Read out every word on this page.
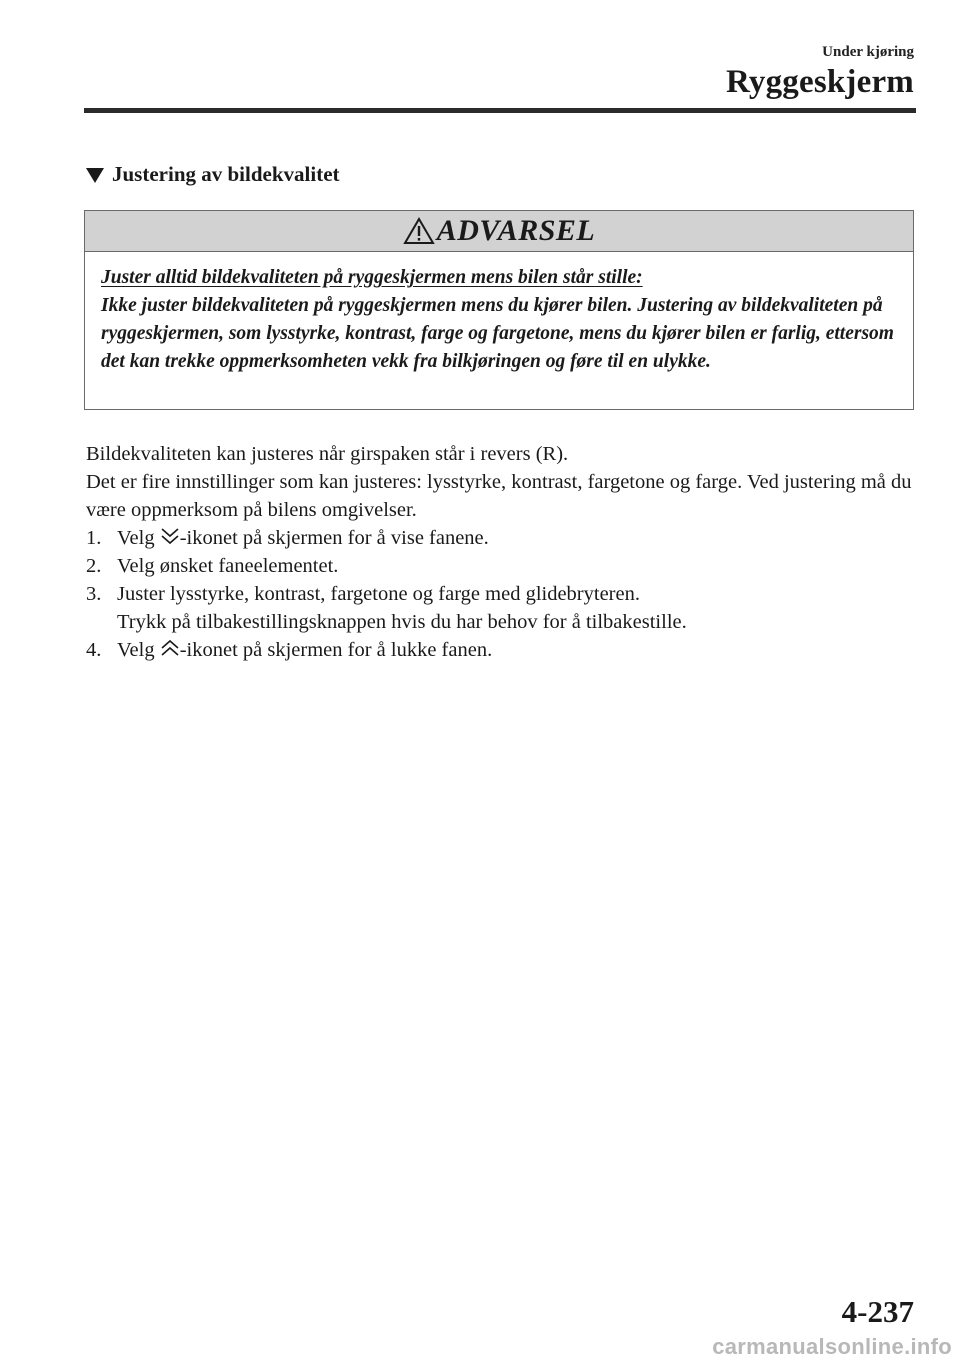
Under kjøring
Ryggeskjerm
Justering av bildekvalitet
ADVARSEL
Juster alltid bildekvaliteten på ryggeskjermen mens bilen står stille:
Ikke juster bildekvaliteten på ryggeskjermen mens du kjører bilen. Justering av bildekvaliteten på ryggeskjermen, som lysstyrke, kontrast, farge og fargetone, mens du kjører bilen er farlig, ettersom det kan trekke oppmerksomheten vekk fra bilkjøringen og føre til en ulykke.

Bildekvaliteten kan justeres når girspaken står i revers (R).

Det er fire innstillinger som kan justeres: lysstyrke, kontrast, fargetone og farge. Ved justering må du være oppmerksom på bilens omgivelser.

1. Velg -ikonet på skjermen for å vise fanene.
2. Velg ønsket faneelementet.
3. Juster lysstyrke, kontrast, fargetone og farge med glidebryteren.
Trykk på tilbakestillingsknappen hvis du har behov for å tilbakestille.
4. Velg -ikonet på skjermen for å lukke fanen.
4-237
carmanualsonline.info
